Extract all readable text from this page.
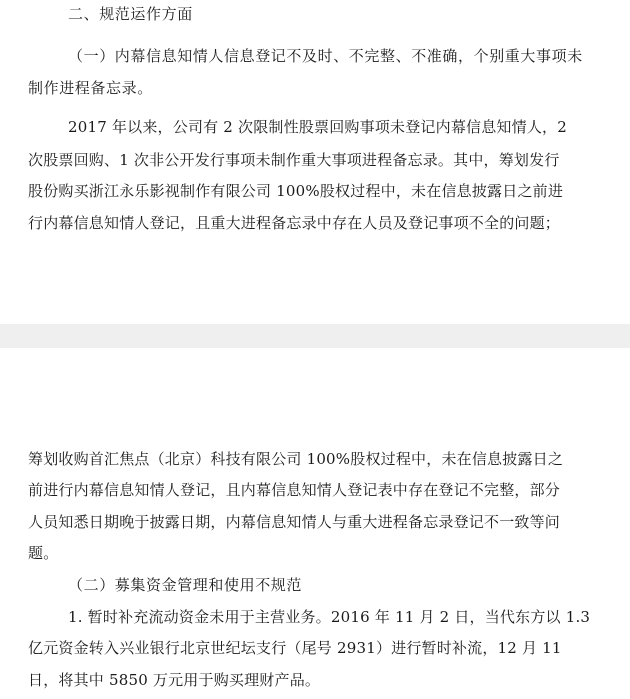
二、规范运作方面
（一）内幕信息知情人信息登记不及时、不完整、不准确，个别重大事项未
制作进程备忘录。
2017 年以来，公司有 2 次限制性股票回购事项未登记内幕信息知情人，2
次股票回购、1 次非公开发行事项未制作重大事项进程备忘录。其中，筹划发行
股份购买浙江永乐影视制作有限公司 100%股权过程中，未在信息披露日之前进
行内幕信息知情人登记，且重大进程备忘录中存在人员及登记事项不全的问题；
筹划收购首汇焦点（北京）科技有限公司 100%股权过程中，未在信息披露日之
前进行内幕信息知情人登记，且内幕信息知情人登记表中存在登记不完整，部分
人员知悉日期晚于披露日期，内幕信息知情人与重大进程备忘录登记不一致等问
题。
（二）募集资金管理和使用不规范
1. 暂时补充流动资金未用于主营业务。2016 年 11 月 2 日，当代东方以 1.3
亿元资金转入兴业银行北京世纪坛支行（尾号 2931）进行暂时补流，12 月 11
日，将其中 5850 万元用于购买理财产品。
